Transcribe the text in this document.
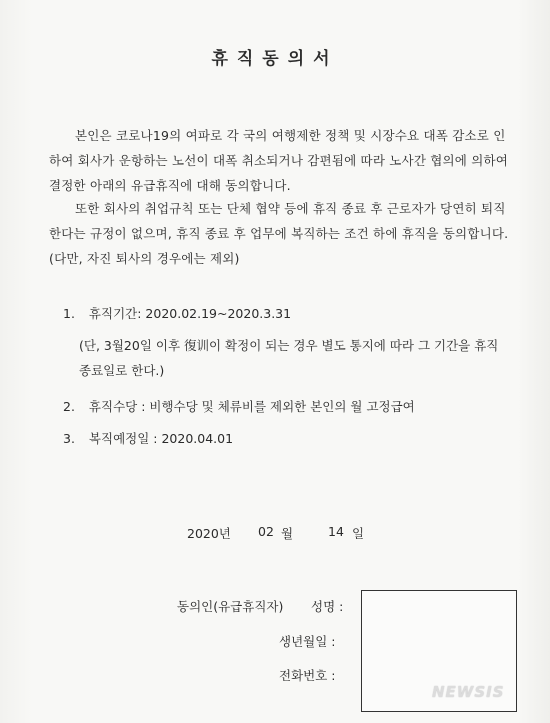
휴직동의서
본인은 코로나19의 여파로 각 국의 여행제한 정책 및 시장수요 대폭 감소로 인하여 회사가 운항하는 노선이 대폭 취소되거나 감편됨에 따라 노사간 협의에 의하여 결정한 아래의 유급휴직에 대해 동의합니다.
또한 회사의 취업규칙 또는 단체 협약 등에 휴직 종료 후 근로자가 당연히 퇴직한다는 규정이 없으며, 휴직 종료 후 업무에 복직하는 조건 하에 휴직을 동의합니다. (다만, 자진 퇴사의 경우에는 제외)
1. 휴직기간: 2020.02.19~2020.3.31
(단, 3월20일 이후 復训이 확정이 되는 경우 별도 통지에 따라 그 기간을 휴직종료일로 한다.)
2. 휴직수당 : 비행수당 및 체류비를 제외한 본인의 월 고정급여
3. 복직예정일 : 2020.04.01
2020년 02 월	14 일
동의인(유급휴직자) 성명 :
생년월일 :
전화번호 :
NEWSIS
